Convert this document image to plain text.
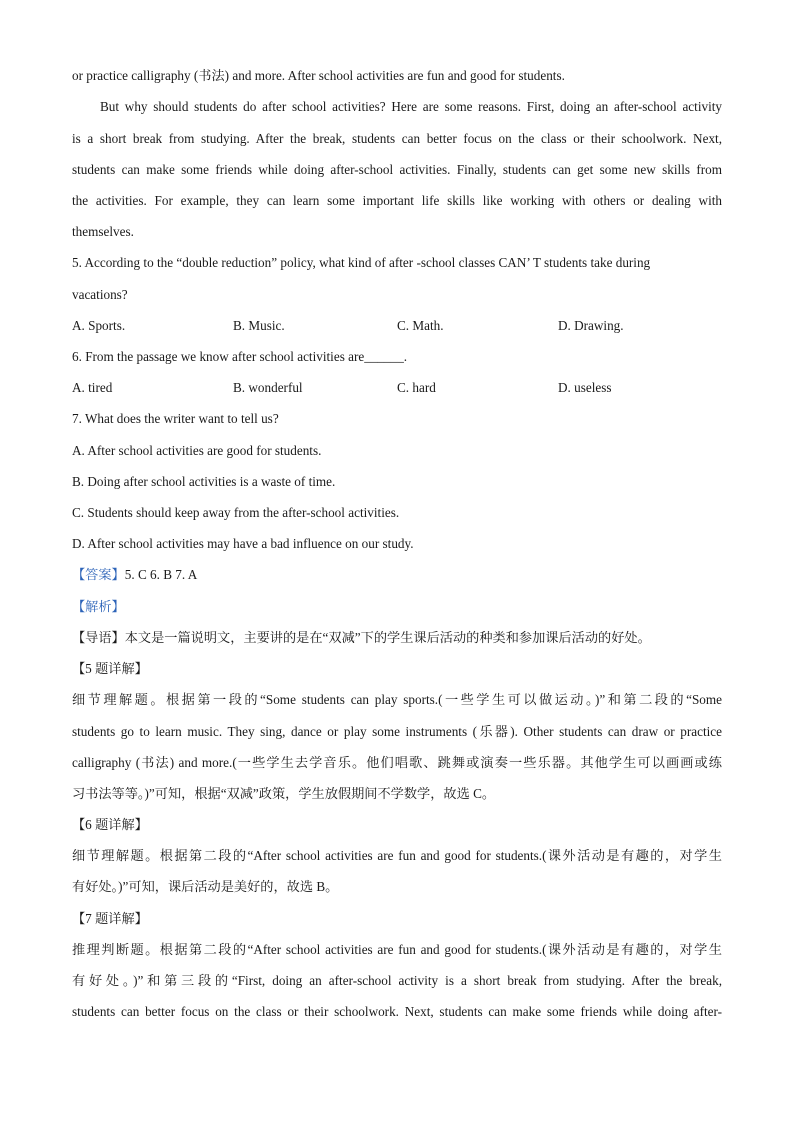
or practice calligraphy (书法) and more. After school activities are fun and good for students.
But why should students do after school activities? Here are some reasons. First, doing an after-school activity
is a short break from studying. After the break, students can better focus on the class or their schoolwork. Next,
students can make some friends while doing after-school activities. Finally, students can get some new skills from
the activities. For example, they can learn some important life skills like working with others or dealing with
themselves.
5. According to the “double reduction” policy, what kind of after -school classes CAN’ T students take during
vacations?
A. Sports.	B. Music.	C. Math.	D. Drawing.
6. From the passage we know after school activities are______.
A. tired	B. wonderful	C. hard	D. useless
7. What does the writer want to tell us?
A. After school activities are good for students.
B. Doing after school activities is a waste of time.
C. Students should keep away from the after-school activities.
D. After school activities may have a bad influence on our study.
【答案】5. C 6. B 7. A
【解析】
【导语】本文是一篇说明文，主要讲的是在“双减”下的学生课后活动的种类和参加课后活动的好处。
【5 题详解】
细节理解题。根据第一段的“Some students can play sports.(一些学生可以做运动。)”和第二段的“Some
students go to learn music. They sing, dance or play some instruments (乐器). Other students can draw or practice
calligraphy (书法) and more.(一些学生去学音乐。他们唱歌、跳舞或演奏一些乐器。其他学生可以画画或练
习书法等等。)”可知，根据“双减”政策，学生放假期间不学数学，故选 C。
【6 题详解】
细节理解题。根据第二段的“After school activities are fun and good for students.(课外活动是有趣的，对学生
有好处。)”可知，课后活动是美好的，故选 B。
【7 题详解】
推理判断题。根据第二段的“After school activities are fun and good for students.(课外活动是有趣的，对学生
有好处。)”和第三段的“First, doing an after-school activity is a short break from studying. After the break,
students can better focus on the class or their schoolwork. Next, students can make some friends while doing after-
